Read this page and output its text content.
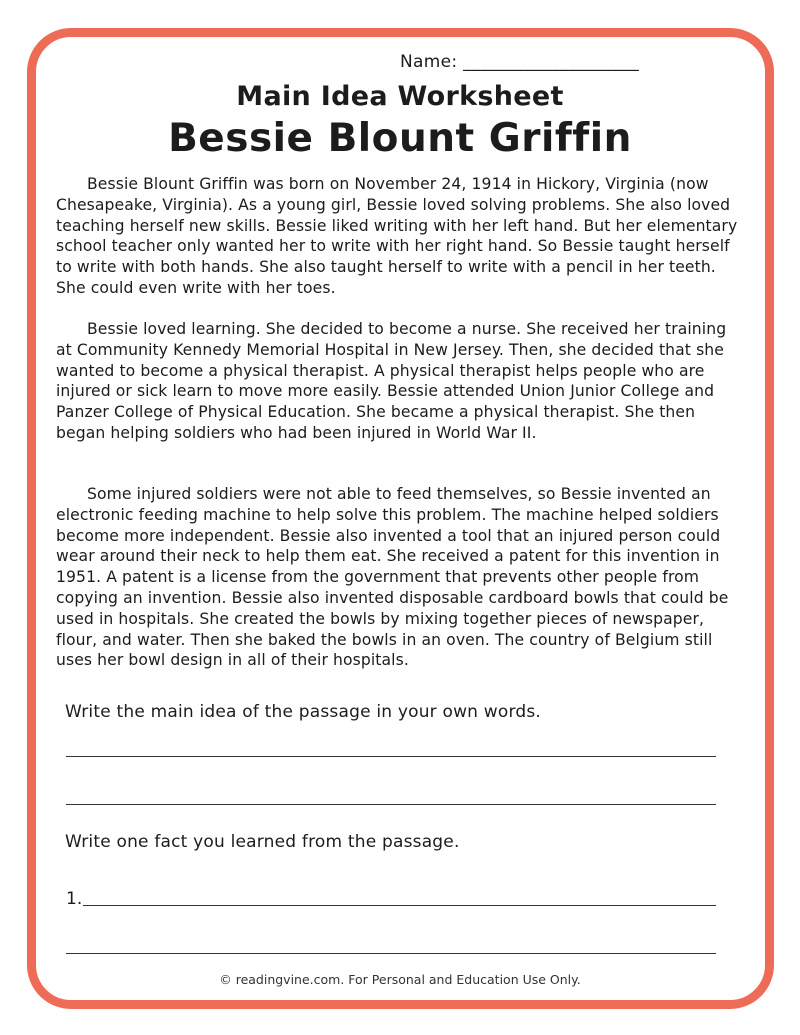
Name: ____________________
Main Idea Worksheet
Bessie Blount Griffin

Bessie Blount Griffin was born on November 24, 1914 in Hickory, Virginia (now Chesapeake, Virginia). As a young girl, Bessie loved solving problems. She also loved teaching herself new skills. Bessie liked writing with her left hand. But her elementary school teacher only wanted her to write with her right hand. So Bessie taught herself to write with both hands. She also taught herself to write with a pencil in her teeth. She could even write with her toes.

Bessie loved learning. She decided to become a nurse. She received her training at Community Kennedy Memorial Hospital in New Jersey. Then, she decided that she wanted to become a physical therapist. A physical therapist helps people who are injured or sick learn to move more easily. Bessie attended Union Junior College and Panzer College of Physical Education. She became a physical therapist. She then began helping soldiers who had been injured in World War II.

Some injured soldiers were not able to feed themselves, so Bessie invented an electronic feeding machine to help solve this problem. The machine helped soldiers become more independent. Bessie also invented a tool that an injured person could wear around their neck to help them eat. She received a patent for this invention in 1951. A patent is a license from the government that prevents other people from copying an invention. Bessie also invented disposable cardboard bowls that could be used in hospitals. She created the bowls by mixing together pieces of newspaper, flour, and water. Then she baked the bowls in an oven. The country of Belgium still uses her bowl design in all of their hospitals.

Write the main idea of the passage in your own words.

Write one fact you learned from the passage.

1.
© readingvine.com. For Personal and Education Use Only.
